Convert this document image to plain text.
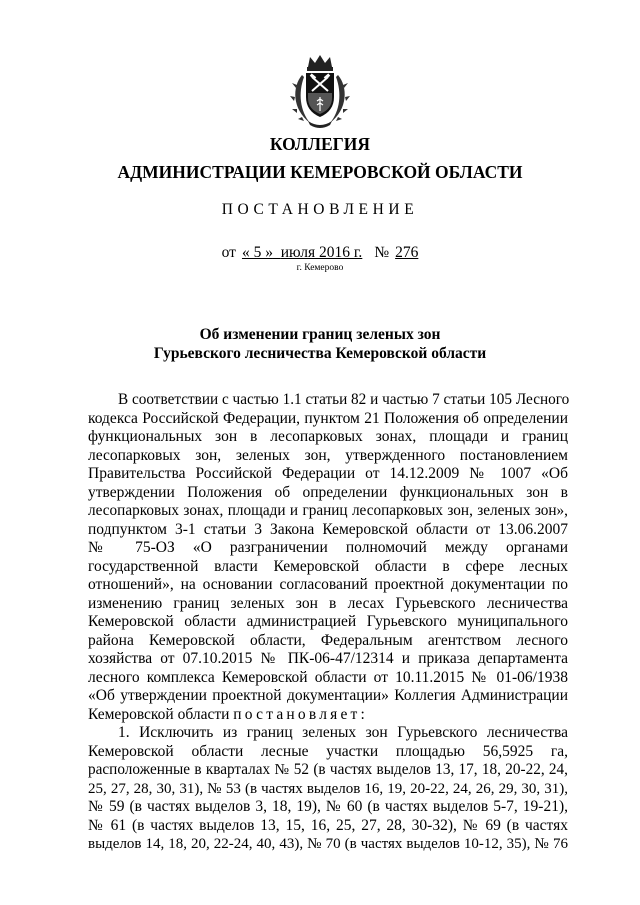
КОЛЛЕГИЯ
АДМИНИСТРАЦИИ КЕМЕРОВСКОЙ ОБЛАСТИ
ПОСТАНОВЛЕНИЕ
от « 5 » июля 2016 г. № 276
г. Кемерово
Об изменении границ зеленых зон
Гурьевского лесничества Кемеровской области
В соответствии с частью 1.1 статьи 82 и частью 7 статьи 105 Лесного
кодекса Российской Федерации, пунктом 21 Положения об определении
функциональных зон в лесопарковых зонах, площади и границ
лесопарковых зон, зеленых зон, утвержденного постановлением
Правительства Российской Федерации от 14.12.2009 № 1007 «Об
утверждении Положения об определении функциональных зон в
лесопарковых зонах, площади и границ лесопарковых зон, зеленых зон»,
подпунктом 3-1 статьи 3 Закона Кемеровской области от 13.06.2007
№ 75-ОЗ «О разграничении полномочий между органами
государственной власти Кемеровской области в сфере лесных
отношений», на основании согласований проектной документации по
изменению границ зеленых зон в лесах Гурьевского лесничества
Кемеровской области администрацией Гурьевского муниципального
района Кемеровской области, Федеральным агентством лесного
хозяйства от 07.10.2015 № ПК-06-47/12314 и приказа департамента
лесного комплекса Кемеровской области от 10.11.2015 № 01-06/1938
«Об утверждении проектной документации» Коллегия Администрации
Кемеровской области постановляет:
1. Исключить из границ зеленых зон Гурьевского лесничества
Кемеровской области лесные участки площадью 56,5925 га,
расположенные в кварталах № 52 (в частях выделов 13, 17, 18, 20-22, 24,
25, 27, 28, 30, 31), № 53 (в частях выделов 16, 19, 20-22, 24, 26, 29, 30, 31),
№ 59 (в частях выделов 3, 18, 19), № 60 (в частях выделов 5-7, 19-21),
№ 61 (в частях выделов 13, 15, 16, 25, 27, 28, 30-32), № 69 (в частях
выделов 14, 18, 20, 22-24, 40, 43), № 70 (в частях выделов 10-12, 35), № 76
